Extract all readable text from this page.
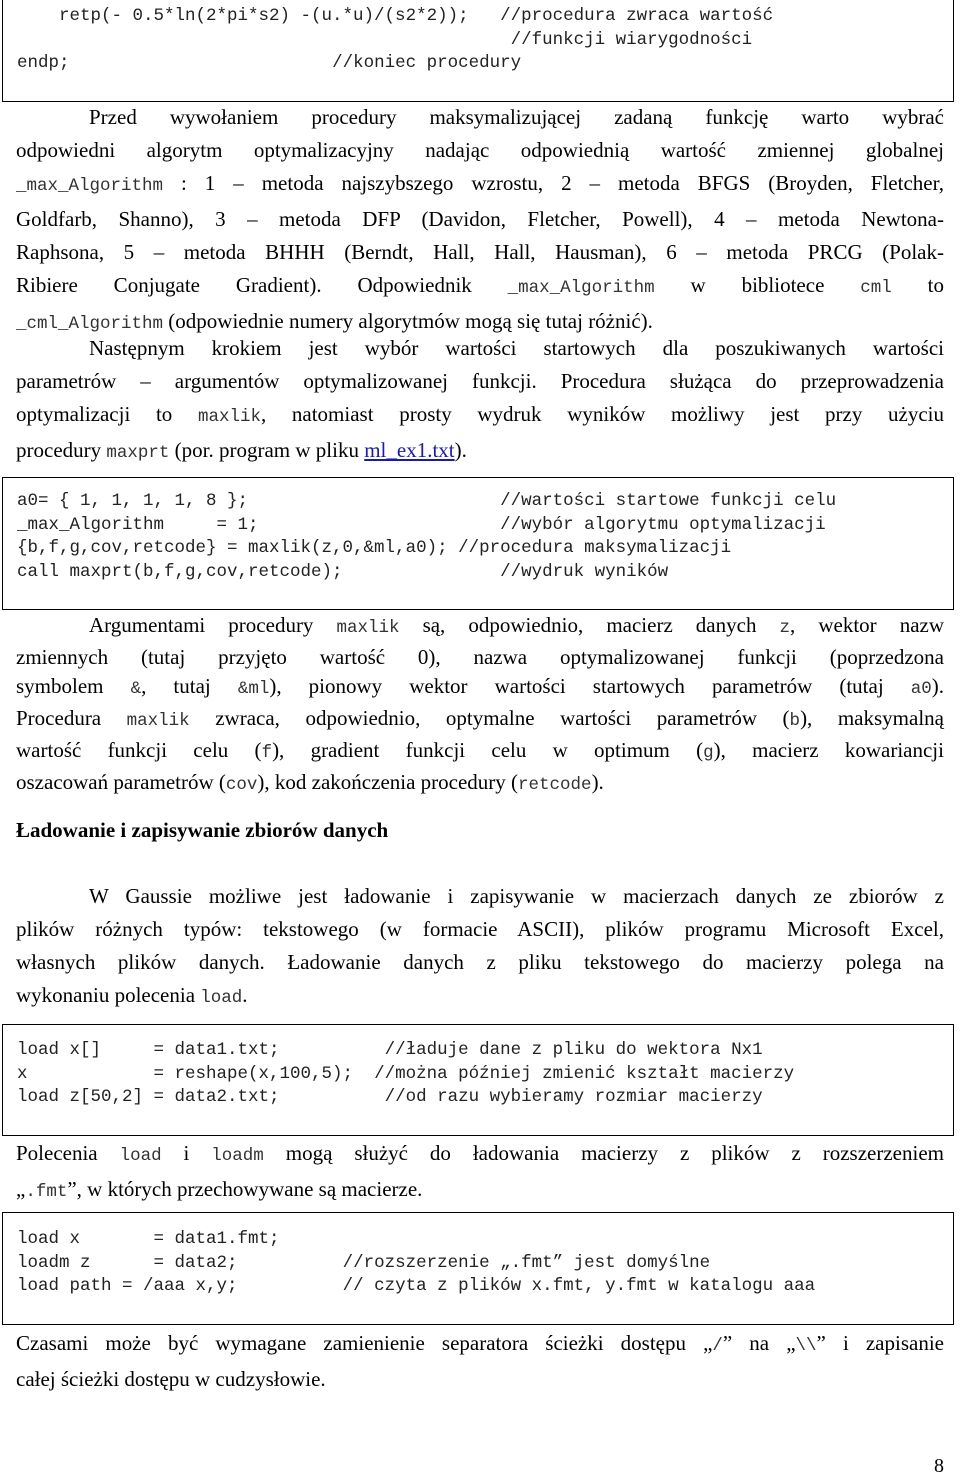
retp(- 0.5*ln(2*pi*s2) -(u.*u)/(s2*2));   //procedura zwraca wartość
//funkcji wiarygodności
endp;                         //koniec procedury
Przed wywołaniem procedury maksymalizującej zadaną funkcję warto wybrać
odpowiedni algorytm optymalizacyjny nadając odpowiednią wartość zmiennej globalnej
_max_Algorithm : 1 – metoda najszybszego wzrostu, 2 – metoda BFGS (Broyden, Fletcher,
Goldfarb, Shanno), 3 – metoda DFP (Davidon, Fletcher, Powell), 4 – metoda Newtona-
Raphsona, 5 – metoda BHHH (Berndt, Hall, Hall, Hausman), 6 – metoda PRCG (Polak-
Ribiere Conjugate Gradient). Odpowiednik _max_Algorithm w bibliotece cml to
_cml_Algorithm (odpowiednie numery algorytmów mogą się tutaj różnić).
Następnym krokiem jest wybór wartości startowych dla poszukiwanych wartości
parametrów – argumentów optymalizowanej funkcji. Procedura służąca do przeprowadzenia
optymalizacji to maxlik, natomiast prosty wydruk wyników możliwy jest przy użyciu
procedury maxprt (por. program w pliku ml_ex1.txt).
a0= { 1, 1, 1, 1, 8 };                        //wartości startowe funkcji celu
_max_Algorithm     = 1;                       //wybór algorytmu optymalizacji
{b,f,g,cov,retcode} = maxlik(z,0,&ml,a0); //procedura maksymalizacji
call maxprt(b,f,g,cov,retcode);               //wydruk wyników
Argumentami procedury maxlik są, odpowiednio, macierz danych z, wektor nazw
zmiennych (tutaj przyjęto wartość 0), nazwa optymalizowanej funkcji (poprzedzona
symbolem &, tutaj &ml), pionowy wektor wartości startowych parametrów (tutaj a0).
Procedura maxlik zwraca, odpowiednio, optymalne wartości parametrów (b), maksymalną
wartość funkcji celu (f), gradient funkcji celu w optimum (g), macierz kowariancji
oszacowań parametrów (cov), kod zakończenia procedury (retcode).
Ładowanie i zapisywanie zbiorów danych
W Gaussie możliwe jest ładowanie i zapisywanie w macierzach danych ze zbiorów z
plików różnych typów: tekstowego (w formacie ASCII), plików programu Microsoft Excel,
własnych plików danych. Ładowanie danych z pliku tekstowego do macierzy polega na
wykonaniu polecenia load.
load x[]     = data1.txt;          //ładuje dane z pliku do wektora Nx1
x            = reshape(x,100,5);  //można później zmienić kształt macierzy
load z[50,2] = data2.txt;          //od razu wybieramy rozmiar macierzy
Polecenia load i loadm mogą służyć do ładowania macierzy z plików z rozszerzeniem
„.fmt”, w których przechowywane są macierze.
load x       = data1.fmt;
loadm z      = data2;          //rozszerzenie „.fmt” jest domyślne
load path = /aaa x,y;          // czyta z plików x.fmt, y.fmt w katalogu aaa
Czasami może być wymagane zamienienie separatora ścieżki dostępu „/” na „\\” i zapisanie
całej ścieżki dostępu w cudzysłowie.
8
